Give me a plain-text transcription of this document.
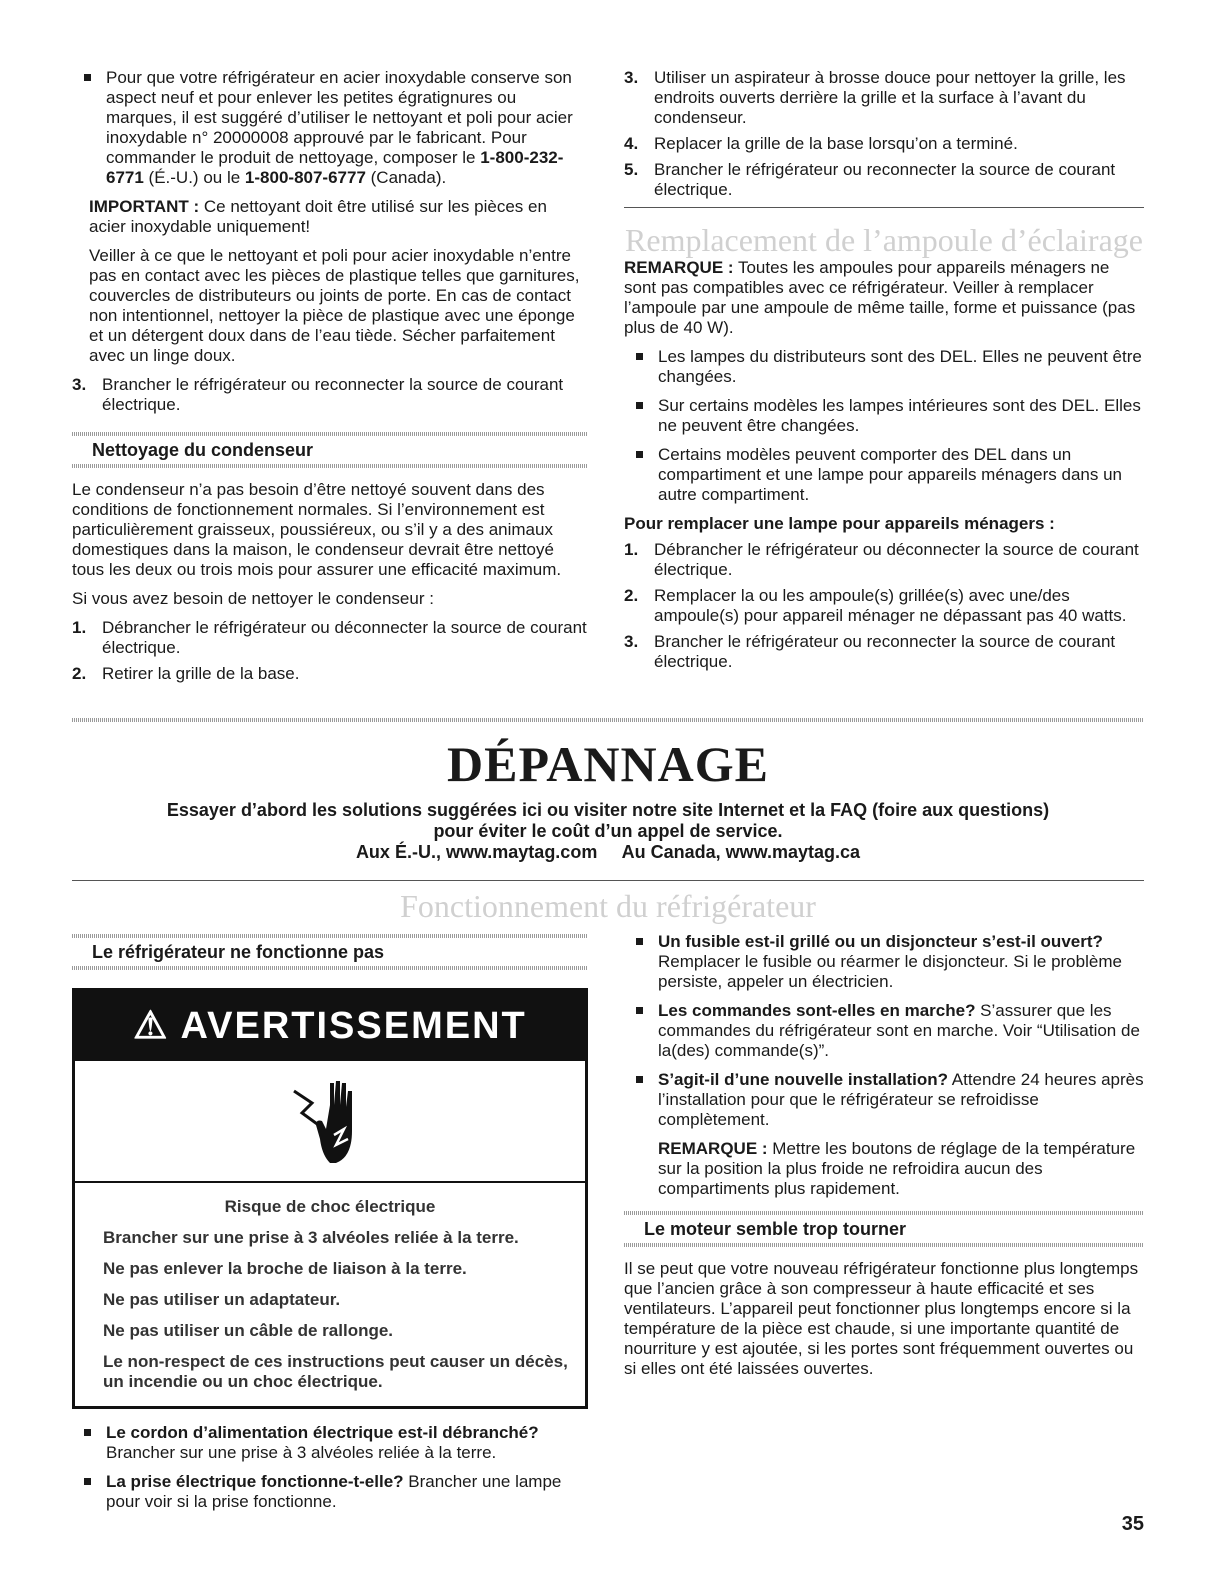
Pour que votre réfrigérateur en acier inoxydable conserve son aspect neuf et pour enlever les petites égratignures ou marques, il est suggéré d’utiliser le nettoyant et poli pour acier inoxydable n° 20000008 approuvé par le fabricant. Pour commander le produit de nettoyage, composer le 1-800-232-6771 (É.-U.) ou le 1-800-807-6777 (Canada).

IMPORTANT : Ce nettoyant doit être utilisé sur les pièces en acier inoxydable uniquement!

Veiller à ce que le nettoyant et poli pour acier inoxydable n’entre pas en contact avec les pièces de plastique telles que garnitures, couvercles de distributeurs ou joints de porte. En cas de contact non intentionnel, nettoyer la pièce de plastique avec une éponge et un détergent doux dans de l’eau tiède. Sécher parfaitement avec un linge doux.

3. Brancher le réfrigérateur ou reconnecter la source de courant électrique.
Nettoyage du condenseur

Le condenseur n’a pas besoin d’être nettoyé souvent dans des conditions de fonctionnement normales. Si l’environnement est particulièrement graisseux, poussiéreux, ou s’il y a des animaux domestiques dans la maison, le condenseur devrait être nettoyé tous les deux ou trois mois pour assurer une efficacité maximum.

Si vous avez besoin de nettoyer le condenseur :

1. Débrancher le réfrigérateur ou déconnecter la source de courant électrique.
2. Retirer la grille de la base.
3. Utiliser un aspirateur à brosse douce pour nettoyer la grille, les endroits ouverts derrière la grille et la surface à l’avant du condenseur.
4. Replacer la grille de la base lorsqu’on a terminé.
5. Brancher le réfrigérateur ou reconnecter la source de courant électrique.
Remplacement de l’ampoule d’éclairage

REMARQUE : Toutes les ampoules pour appareils ménagers ne sont pas compatibles avec ce réfrigérateur. Veiller à remplacer l’ampoule par une ampoule de même taille, forme et puissance (pas plus de 40 W).

Les lampes du distributeurs sont des DEL. Elles ne peuvent être changées.
Sur certains modèles les lampes intérieures sont des DEL. Elles ne peuvent être changées.
Certains modèles peuvent comporter des DEL dans un compartiment et une lampe pour appareils ménagers dans un autre compartiment.

Pour remplacer une lampe pour appareils ménagers :

1. Débrancher le réfrigérateur ou déconnecter la source de courant électrique.
2. Remplacer la ou les ampoule(s) grillée(s) avec une/des ampoule(s) pour appareil ménager ne dépassant pas 40 watts.
3. Brancher le réfrigérateur ou reconnecter la source de courant électrique.
DÉPANNAGE
Essayer d’abord les solutions suggérées ici ou visiter notre site Internet et la FAQ (foire aux questions)
pour éviter le coût d’un appel de service.
Aux É.-U., www.maytag.com     Au Canada, www.maytag.ca
Fonctionnement du réfrigérateur
Le réfrigérateur ne fonctionne pas
⚠ AVERTISSEMENT
Risque de choc électrique
Brancher sur une prise à 3 alvéoles reliée à la terre.
Ne pas enlever la broche de liaison à la terre.
Ne pas utiliser un adaptateur.
Ne pas utiliser un câble de rallonge.
Le non-respect de ces instructions peut causer un décès, un incendie ou un choc électrique.
Le cordon d’alimentation électrique est-il débranché? Brancher sur une prise à 3 alvéoles reliée à la terre.
La prise électrique fonctionne-t-elle? Brancher une lampe pour voir si la prise fonctionne.
Un fusible est-il grillé ou un disjoncteur s’est-il ouvert? Remplacer le fusible ou réarmer le disjoncteur. Si le problème persiste, appeler un électricien.
Les commandes sont-elles en marche? S’assurer que les commandes du réfrigérateur sont en marche. Voir “Utilisation de la(des) commande(s)”.
S’agit-il d’une nouvelle installation? Attendre 24 heures après l’installation pour que le réfrigérateur se refroidisse complètement.

REMARQUE : Mettre les boutons de réglage de la température sur la position la plus froide ne refroidira aucun des compartiments plus rapidement.

Le moteur semble trop tourner

Il se peut que votre nouveau réfrigérateur fonctionne plus longtemps que l’ancien grâce à son compresseur à haute efficacité et ses ventilateurs. L’appareil peut fonctionner plus longtemps encore si la température de la pièce est chaude, si une importante quantité de nourriture y est ajoutée, si les portes sont fréquemment ouvertes ou si elles ont été laissées ouvertes.

35
